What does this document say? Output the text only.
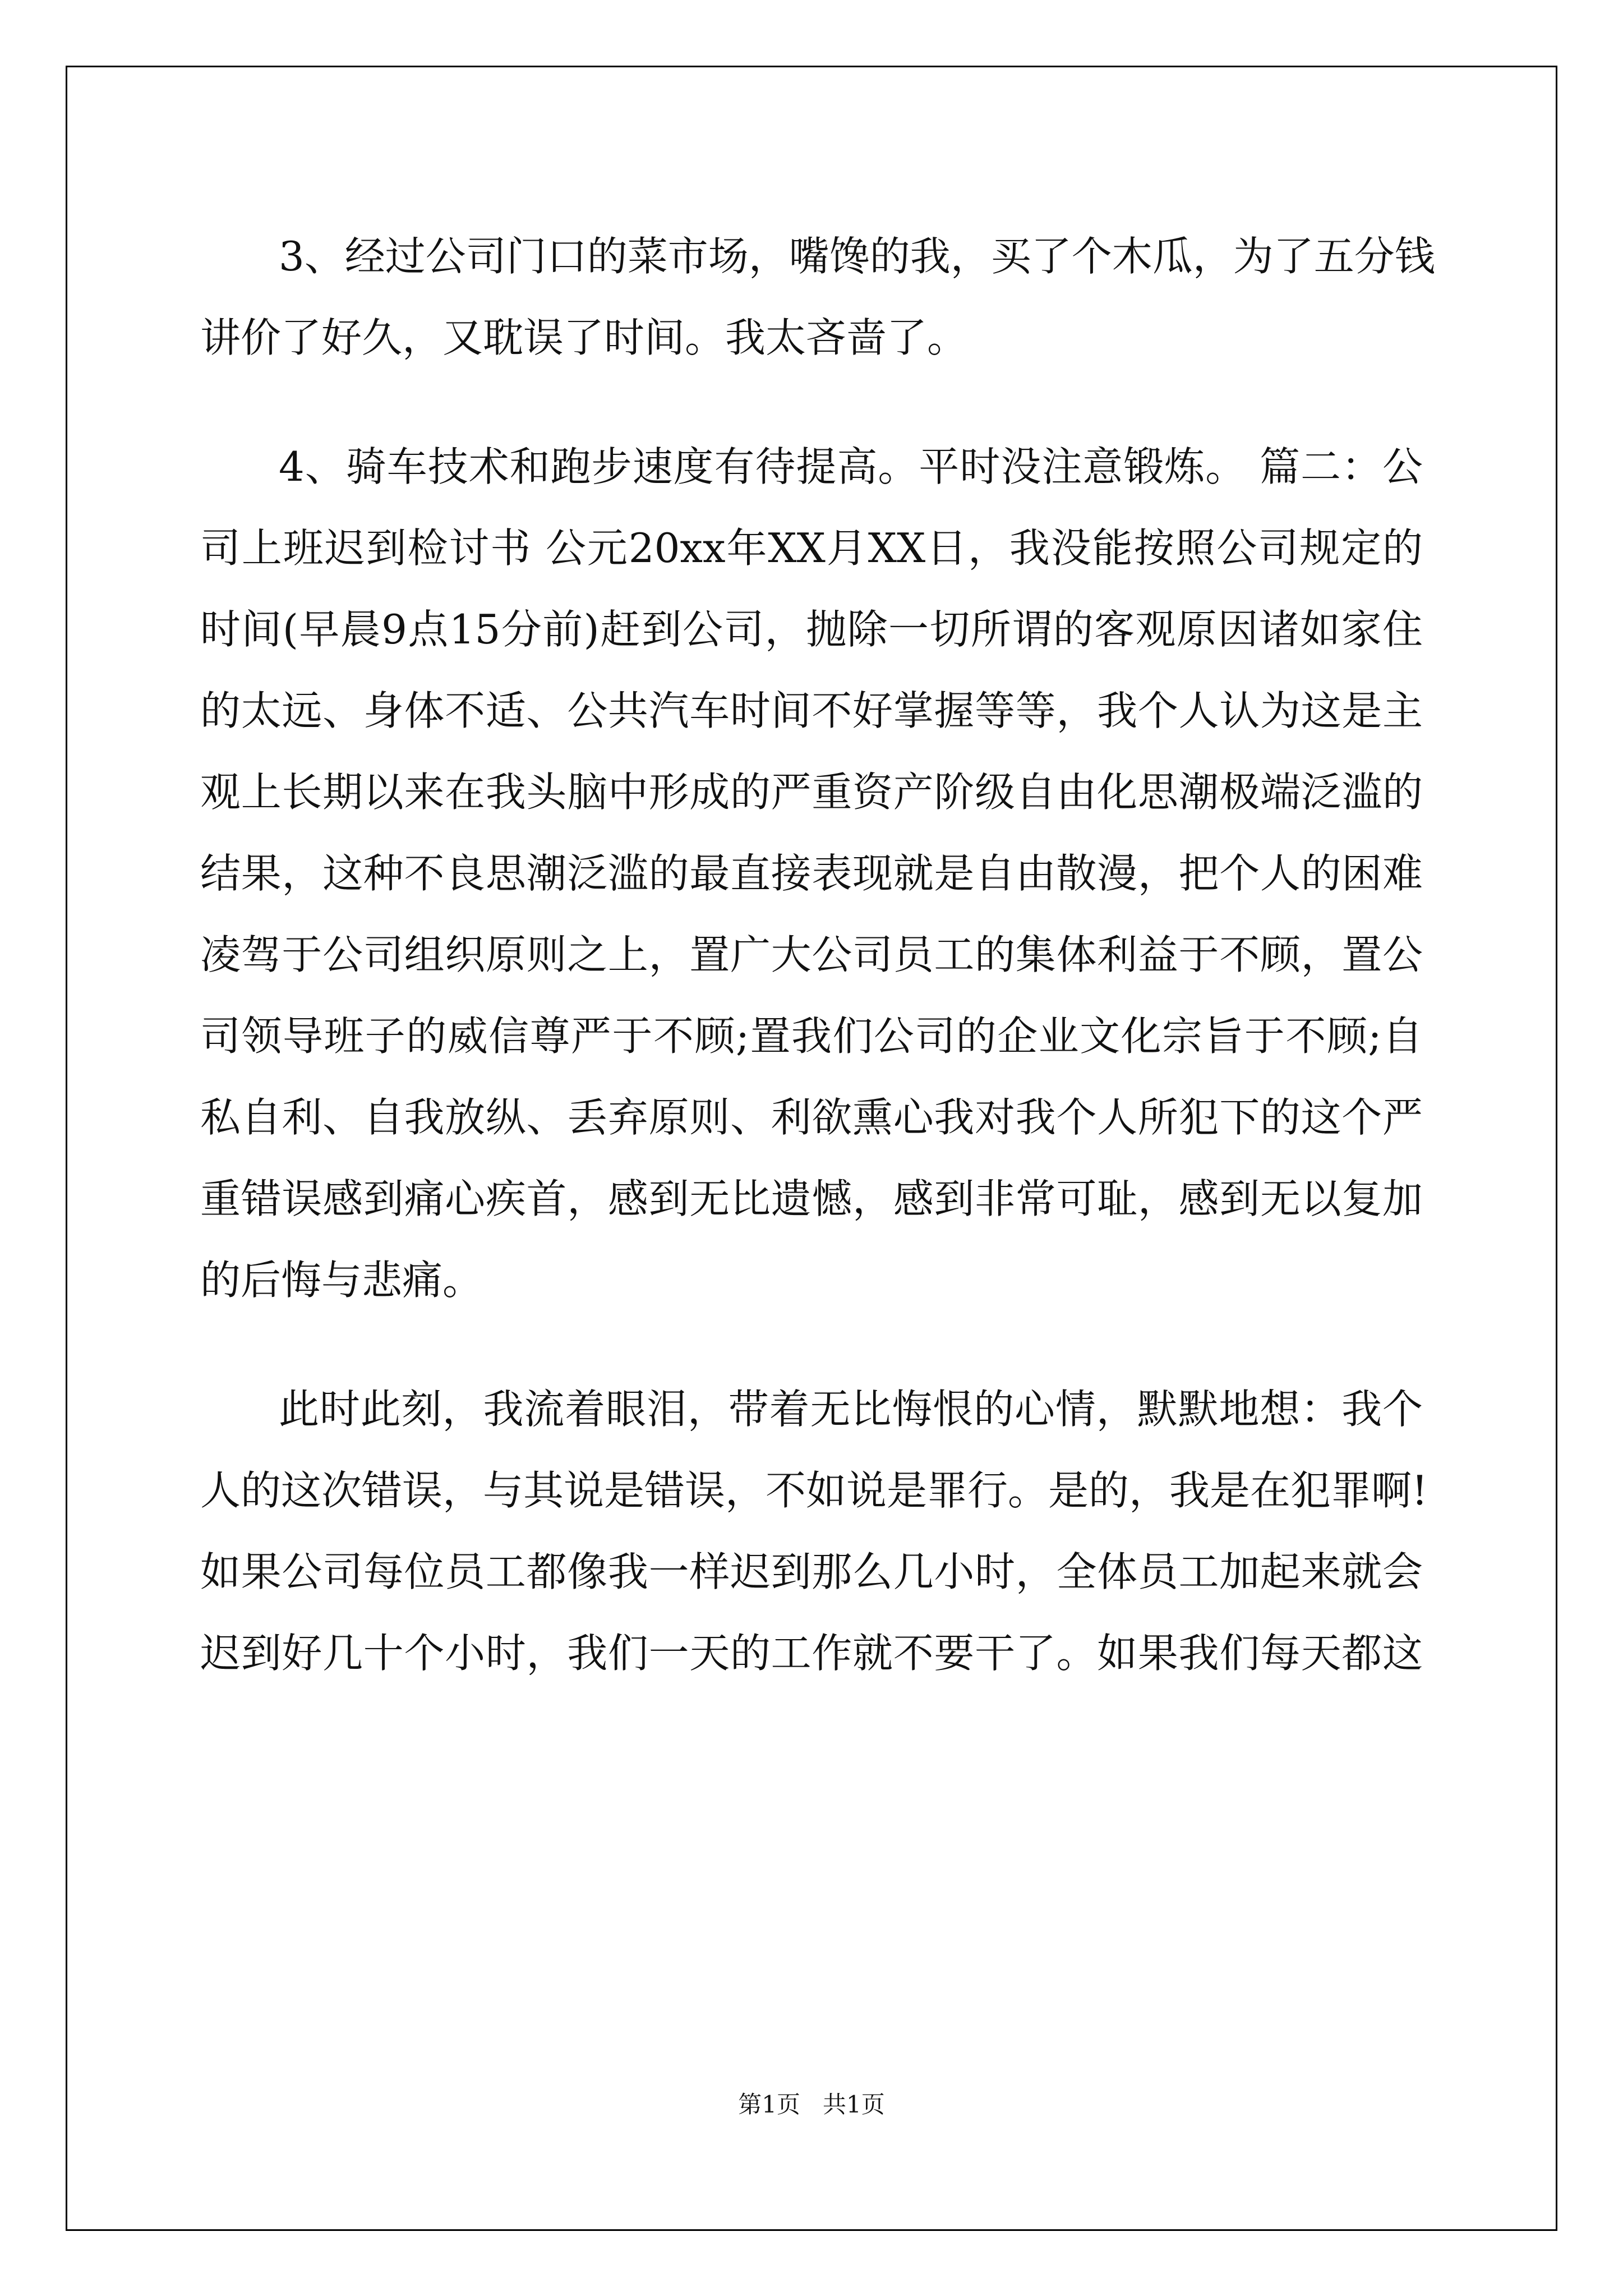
3、经过公司门口的菜市场，嘴馋的我，买了个木瓜，为了五分钱
讲价了好久，又耽误了时间。我太吝啬了。
4、骑车技术和跑步速度有待提高。平时没注意锻炼。 篇二：公
司上班迟到检讨书 公元20xx年XX月XX日，我没能按照公司规定的
时间(早晨9点15分前)赶到公司，抛除一切所谓的客观原因诸如家住
的太远、身体不适、公共汽车时间不好掌握等等，我个人认为这是主
观上长期以来在我头脑中形成的严重资产阶级自由化思潮极端泛滥的
结果，这种不良思潮泛滥的最直接表现就是自由散漫，把个人的困难
凌驾于公司组织原则之上，置广大公司员工的集体利益于不顾，置公
司领导班子的威信尊严于不顾;置我们公司的企业文化宗旨于不顾;自
私自利、自我放纵、丢弃原则、利欲熏心我对我个人所犯下的这个严
重错误感到痛心疾首，感到无比遗憾，感到非常可耻，感到无以复加
的后悔与悲痛。
此时此刻，我流着眼泪，带着无比悔恨的心情，默默地想：我个
人的这次错误，与其说是错误，不如说是罪行。是的，我是在犯罪啊!
如果公司每位员工都像我一样迟到那么几小时，全体员工加起来就会
迟到好几十个小时，我们一天的工作就不要干了。如果我们每天都这
第1页   共1页
